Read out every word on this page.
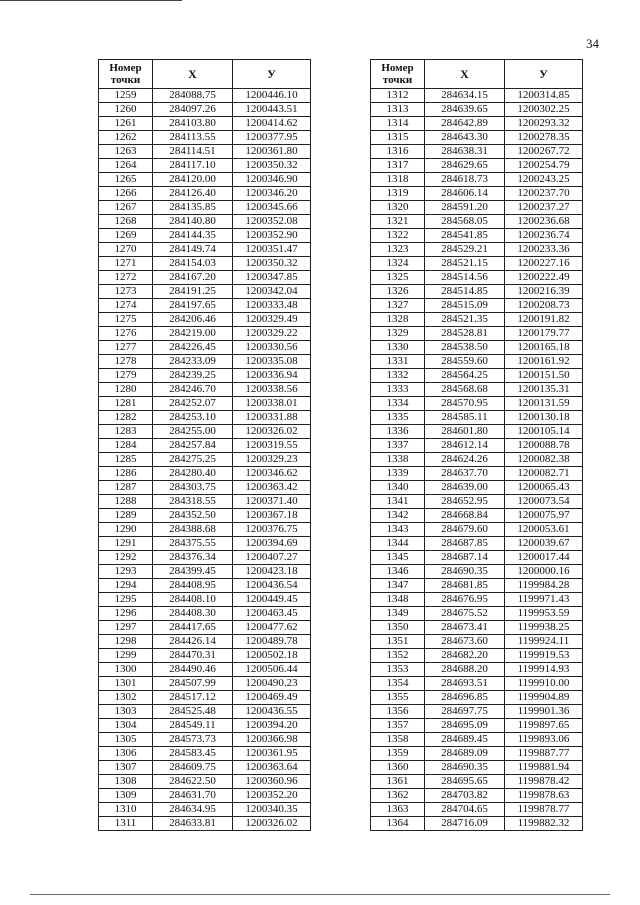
34
Номер
точки	X	У
1259	284088.75	1200446.10
1260	284097.26	1200443.51
1261	284103.80	1200414.62
1262	284113.55	1200377.95
1263	284114.51	1200361.80
1264	284117.10	1200350.32
1265	284120.00	1200346.90
1266	284126.40	1200346.20
1267	284135.85	1200345.66
1268	284140.80	1200352.08
1269	284144.35	1200352.90
1270	284149.74	1200351.47
1271	284154.03	1200350.32
1272	284167.20	1200347.85
1273	284191.25	1200342.04
1274	284197.65	1200333.48
1275	284206.46	1200329.49
1276	284219.00	1200329.22
1277	284226.45	1200330.56
1278	284233.09	1200335.08
1279	284239.25	1200336.94
1280	284246.70	1200338.56
1281	284252.07	1200338.01
1282	284253.10	1200331.88
1283	284255.00	1200326.02
1284	284257.84	1200319.55
1285	284275.25	1200329.23
1286	284280.40	1200346.62
1287	284303.75	1200363.42
1288	284318.55	1200371.40
1289	284352.50	1200367.18
1290	284388.68	1200376.75
1291	284375.55	1200394.69
1292	284376.34	1200407.27
1293	284399.45	1200423.18
1294	284408.95	1200436.54
1295	284408.10	1200449.45
1296	284408.30	1200463.45
1297	284417.65	1200477.62
1298	284426.14	1200489.78
1299	284470.31	1200502.18
1300	284490.46	1200506.44
1301	284507.99	1200490.23
1302	284517.12	1200469.49
1303	284525.48	1200436.55
1304	284549.11	1200394.20
1305	284573.73	1200366.98
1306	284583.45	1200361.95
1307	284609.75	1200363.64
1308	284622.50	1200360.96
1309	284631.70	1200352.20
1310	284634.95	1200340.35
1311	284633.81	1200326.02
Номер
точки	X	У
1312	284634.15	1200314.85
1313	284639.65	1200302.25
1314	284642.89	1200293.32
1315	284643.30	1200278.35
1316	284638.31	1200267.72
1317	284629.65	1200254.79
1318	284618.73	1200243.25
1319	284606.14	1200237.70
1320	284591.20	1200237.27
1321	284568.05	1200236.68
1322	284541.85	1200236.74
1323	284529.21	1200233.36
1324	284521.15	1200227.16
1325	284514.56	1200222.49
1326	284514.85	1200216.39
1327	284515.09	1200208.73
1328	284521.35	1200191.82
1329	284528.81	1200179.77
1330	284538.50	1200165.18
1331	284559.60	1200161.92
1332	284564.25	1200151.50
1333	284568.68	1200135.31
1334	284570.95	1200131.59
1335	284585.11	1200130.18
1336	284601.80	1200105.14
1337	284612.14	1200088.78
1338	284624.26	1200082.38
1339	284637.70	1200082.71
1340	284639.00	1200065.43
1341	284652.95	1200073.54
1342	284668.84	1200075.97
1343	284679.60	1200053.61
1344	284687.85	1200039.67
1345	284687.14	1200017.44
1346	284690.35	1200000.16
1347	284681.85	1199984.28
1348	284676.95	1199971.43
1349	284675.52	1199953.59
1350	284673.41	1199938.25
1351	284673.60	1199924.11
1352	284682.20	1199919.53
1353	284688.20	1199914.93
1354	284693.51	1199910.00
1355	284696.85	1199904.89
1356	284697.75	1199901.36
1357	284695.09	1199897.65
1358	284689.45	1199893.06
1359	284689.09	1199887.77
1360	284690.35	1199881.94
1361	284695.65	1199878.42
1362	284703.82	1199878.63
1363	284704.65	1199878.77
1364	284716.09	1199882.32
